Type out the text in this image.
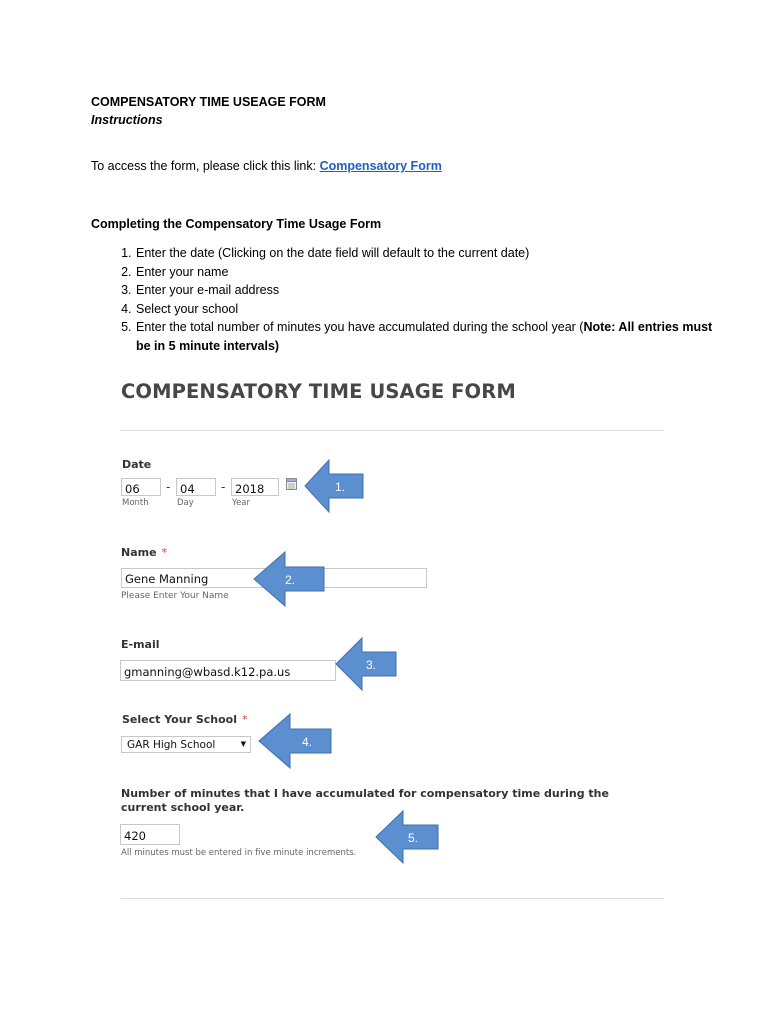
COMPENSATORY TIME USEAGE FORM
Instructions
To access the form, please click this link: Compensatory Form
Completing the Compensatory Time Usage Form
1. Enter the date (Clicking on the date field will default to the current date)
2. Enter your name
3. Enter your e-mail address
4. Select your school
5. Enter the total number of minutes you have accumulated during the school year (Note: All entries must be in 5 minute intervals)
COMPENSATORY TIME USAGE FORM
Date
06	- 04	- 2018
Month	Day	Year
Name *
Gene Manning
Please Enter Your Name
E-mail
gmanning@wbasd.k12.pa.us
Select Your School *
GAR High School	▼
Number of minutes that I have accumulated for compensatory time during the current school year.
420
All minutes must be entered in five minute increments.
1.
2.
3.
4.
5.
